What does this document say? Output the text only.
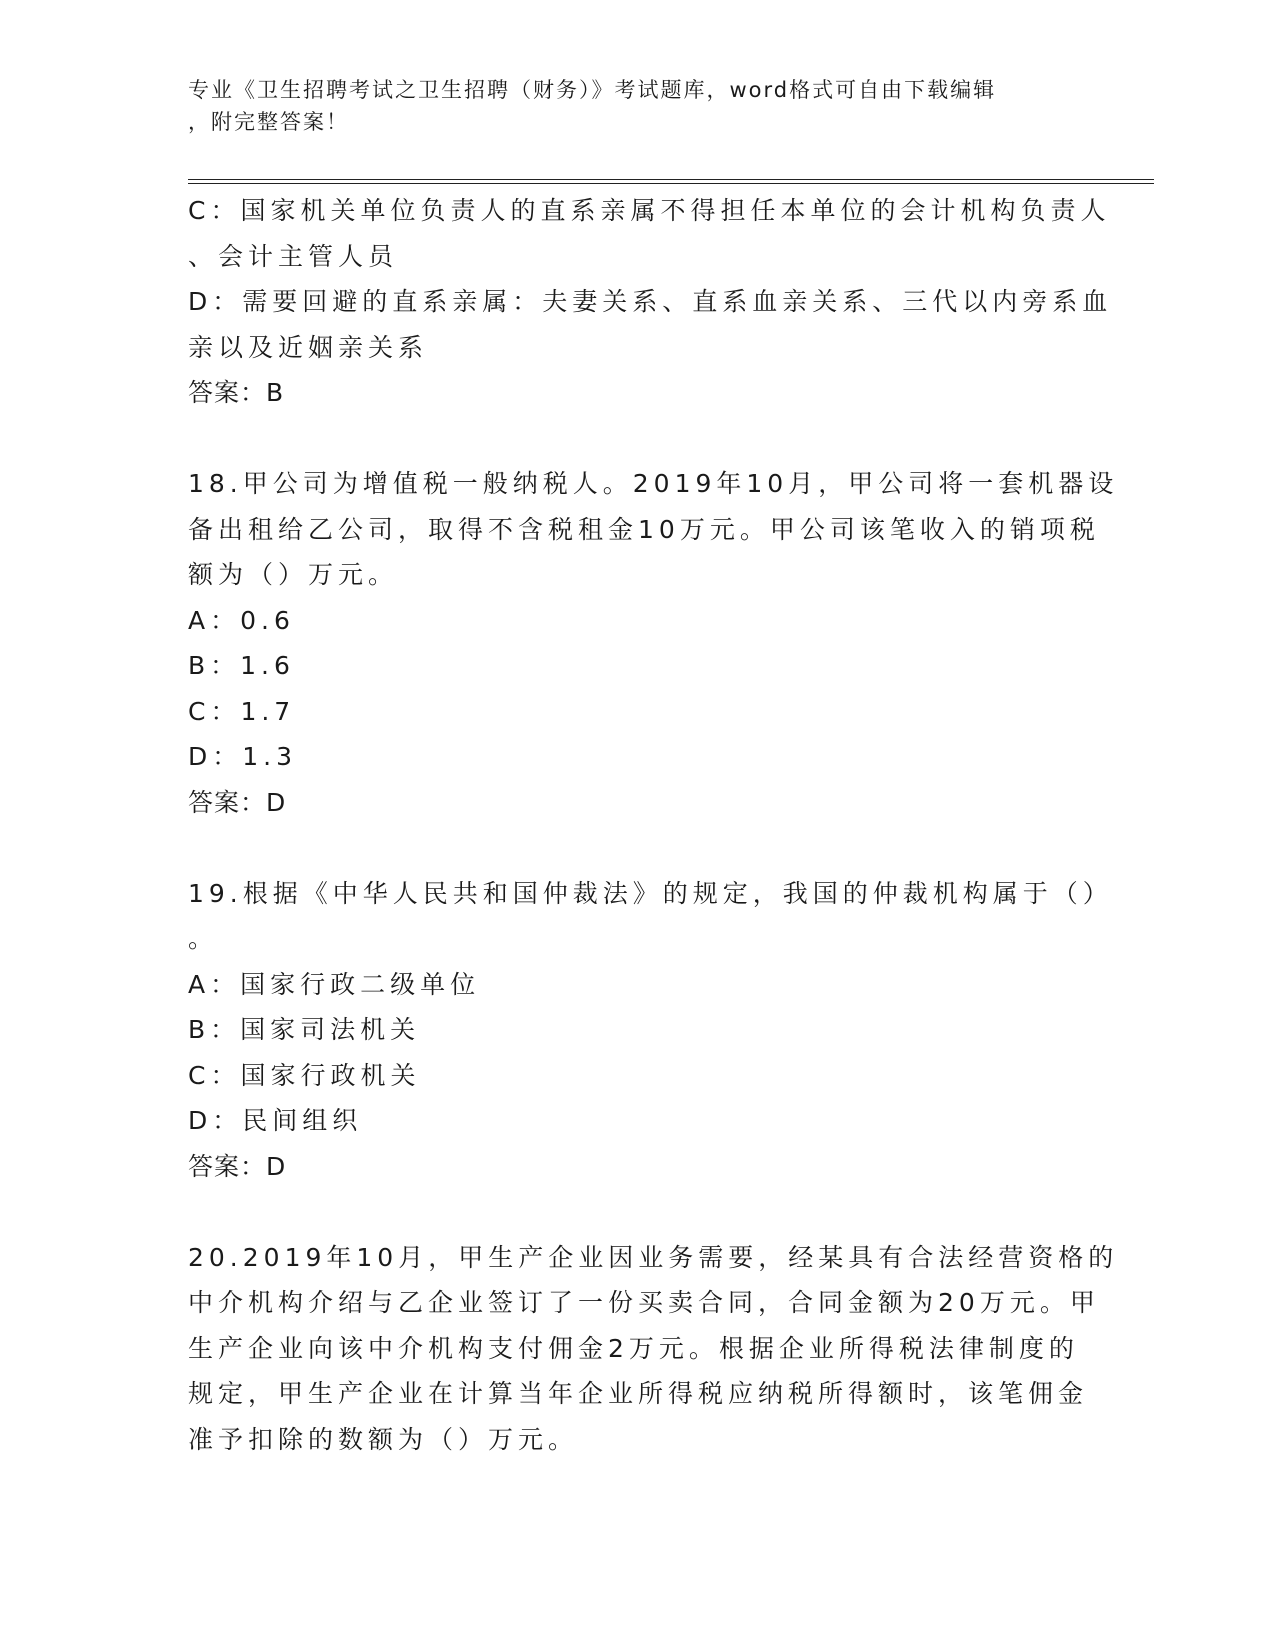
专业《卫生招聘考试之卫生招聘（财务）》考试题库，word格式可自由下载编辑
，附完整答案！
C：国家机关单位负责人的直系亲属不得担任本单位的会计机构负责人
、会计主管人员
D：需要回避的直系亲属：夫妻关系、直系血亲关系、三代以内旁系血
亲以及近姻亲关系
答案：B
18.甲公司为增值税一般纳税人。2019年10月，甲公司将一套机器设
备出租给乙公司，取得不含税租金10万元。甲公司该笔收入的销项税
额为（）万元。
A：0.6
B：1.6
C：1.7
D：1.3
答案：D
19.根据《中华人民共和国仲裁法》的规定，我国的仲裁机构属于（）
。
A：国家行政二级单位
B：国家司法机关
C：国家行政机关
D：民间组织
答案：D
20.2019年10月，甲生产企业因业务需要，经某具有合法经营资格的
中介机构介绍与乙企业签订了一份买卖合同，合同金额为20万元。甲
生产企业向该中介机构支付佣金2万元。根据企业所得税法律制度的
规定，甲生产企业在计算当年企业所得税应纳税所得额时，该笔佣金
准予扣除的数额为（）万元。
